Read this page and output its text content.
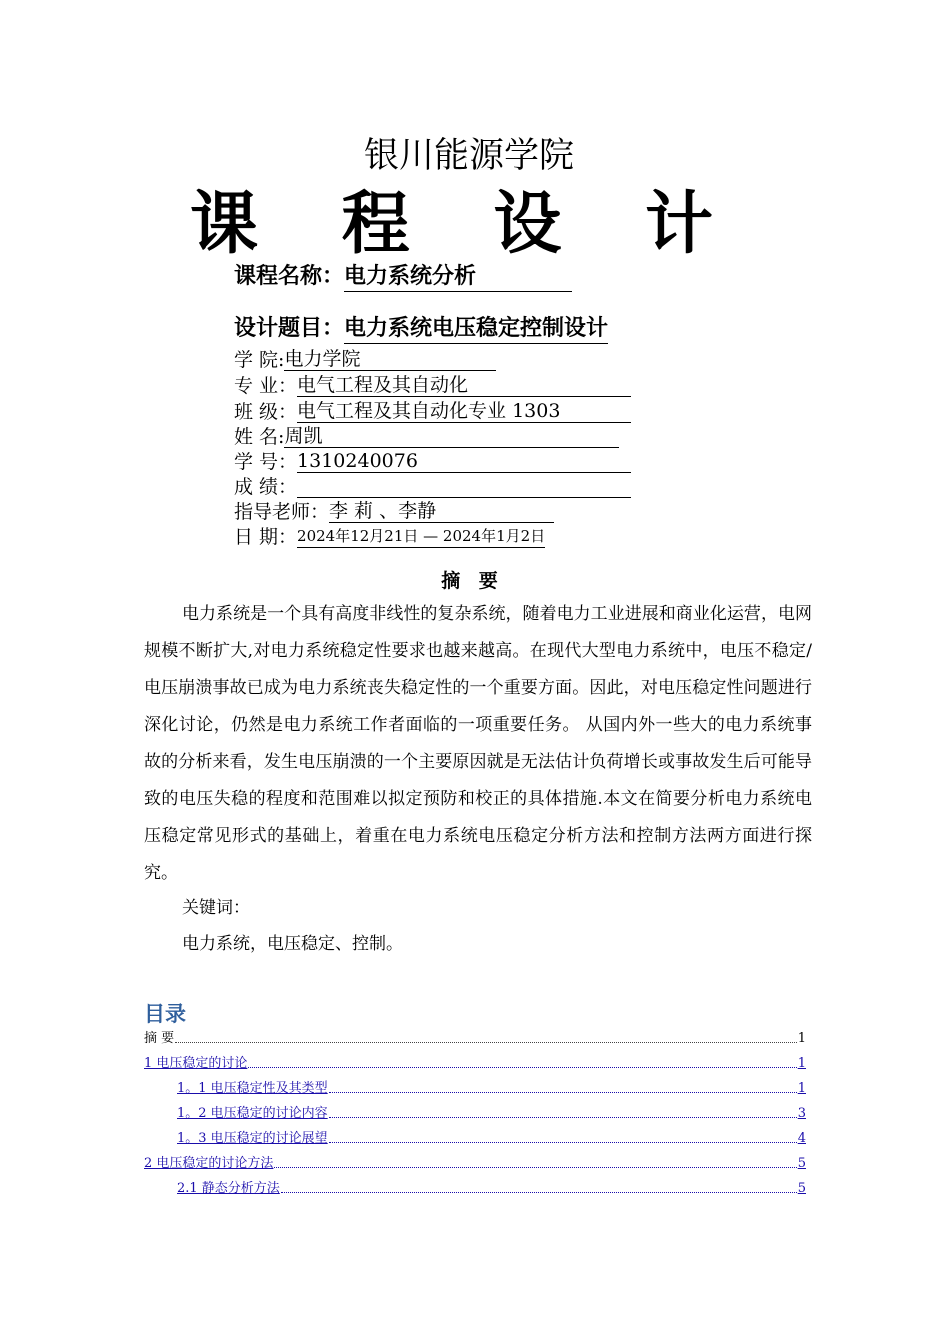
银川能源学院
课 程 设 计
课程名称：电力系统分析
设计题目：电力系统电压稳定控制设计
学 院:电力学院
专 业：电气工程及其自动化
班 级：电气工程及其自动化专业 1303
姓 名:周凯
学 号：1310240076
成 绩：
指导老师：李 莉 、李静
日 期：2024年12月21日 — 2024年1月2日
摘 要
电力系统是一个具有高度非线性的复杂系统，随着电力工业进展和商业化运营，电网规模不断扩大,对电力系统稳定性要求也越来越高。在现代大型电力系统中，电压不稳定/电压崩溃事故已成为电力系统丧失稳定性的一个重要方面。因此，对电压稳定性问题进行深化讨论，仍然是电力系统工作者面临的一项重要任务。 从国内外一些大的电力系统事故的分析来看，发生电压崩溃的一个主要原因就是无法估计负荷增长或事故发生后可能导致的电压失稳的程度和范围难以拟定预防和校正的具体措施.本文在简要分析电力系统电压稳定常见形式的基础上，着重在电力系统电压稳定分析方法和控制方法两方面进行探究。
关键词：
电力系统，电压稳定、控制。
目录
摘 要	1
1 电压稳定的讨论	1
1。1 电压稳定性及其类型	1
1。2 电压稳定的讨论内容	3
1。3 电压稳定的讨论展望	4
2 电压稳定的讨论方法	5
2.1 静态分析方法	5
